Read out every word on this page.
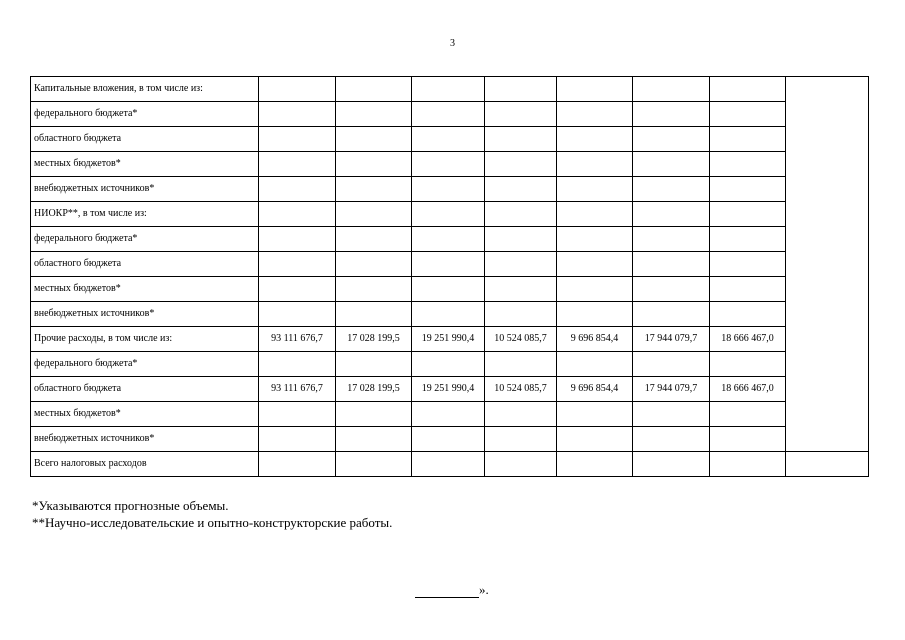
3
Капитальные вложения, в том числе из:								
федерального бюджета*								
областного бюджета								
местных бюджетов*								
внебюджетных источников*								
НИОКР**, в том числе из:								
федерального бюджета*								
областного бюджета								
местных бюджетов*								
внебюджетных источников*								
Прочие расходы, в том числе из:	93 111 676,7	17 028 199,5	19 251 990,4	10 524 085,7	9 696 854,4	17 944 079,7	18 666 467,0	
федерального бюджета*								
областного бюджета	93 111 676,7	17 028 199,5	19 251 990,4	10 524 085,7	9 696 854,4	17 944 079,7	18 666 467,0	
местных бюджетов*								
внебюджетных источников*								
Всего налоговых расходов								
*Указываются прогнозные объемы.
**Научно-исследовательские и опытно-конструкторские работы.
».
